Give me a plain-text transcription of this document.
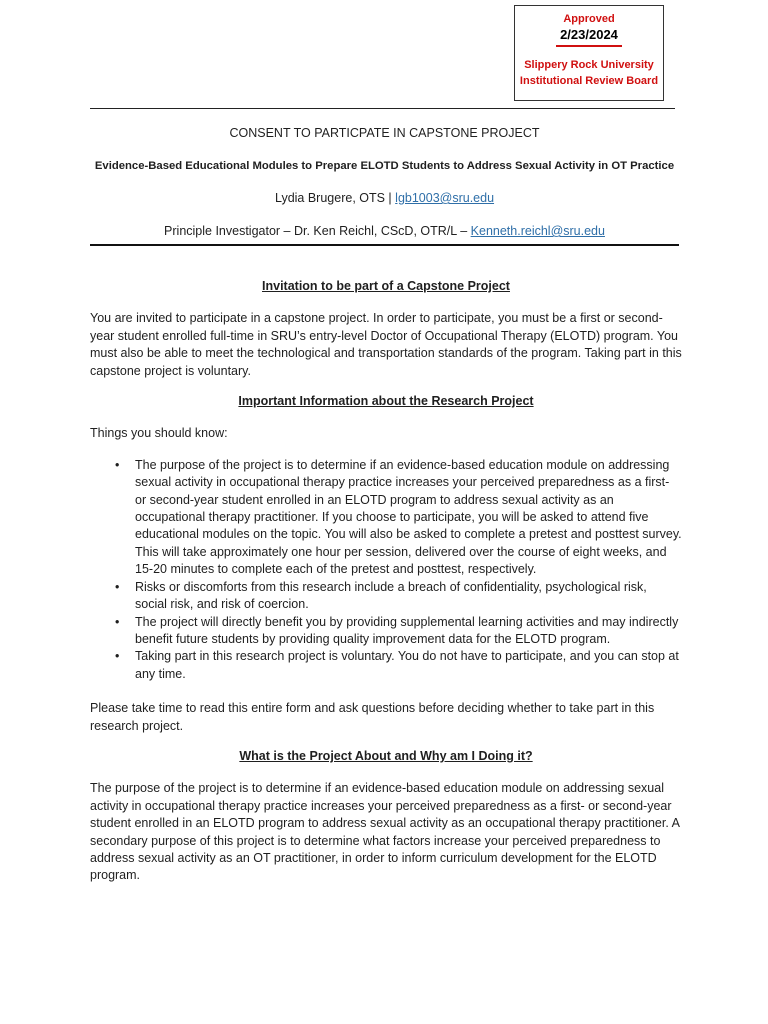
Approved
2/23/2024
Slippery Rock University
Institutional Review Board
CONSENT TO PARTICPATE IN CAPSTONE PROJECT
Evidence-Based Educational Modules to Prepare ELOTD Students to Address Sexual Activity in OT Practice
Lydia Brugere, OTS | lgb1003@sru.edu
Principle Investigator – Dr. Ken Reichl, CScD, OTR/L – Kenneth.reichl@sru.edu

Invitation to be part of a Capstone Project

You are invited to participate in a capstone project. In order to participate, you must be a first or second-year student enrolled full-time in SRU’s entry-level Doctor of Occupational Therapy (ELOTD) program. You must also be able to meet the technological and transportation standards of the program. Taking part in this capstone project is voluntary.

Important Information about the Research Project

Things you should know:

• The purpose of the project is to determine if an evidence-based education module on addressing sexual activity in occupational therapy practice increases your perceived preparedness as a first- or second-year student enrolled in an ELOTD program to address sexual activity as an occupational therapy practitioner. If you choose to participate, you will be asked to attend five educational modules on the topic. You will also be asked to complete a pretest and posttest survey. This will take approximately one hour per session, delivered over the course of eight weeks, and 15-20 minutes to complete each of the pretest and posttest, respectively.
• Risks or discomforts from this research include a breach of confidentiality, psychological risk, social risk, and risk of coercion.
• The project will directly benefit you by providing supplemental learning activities and may indirectly benefit future students by providing quality improvement data for the ELOTD program.
• Taking part in this research project is voluntary. You do not have to participate, and you can stop at any time.

Please take time to read this entire form and ask questions before deciding whether to take part in this research project.

What is the Project About and Why am I Doing it?

The purpose of the project is to determine if an evidence-based education module on addressing sexual activity in occupational therapy practice increases your perceived preparedness as a first- or second-year student enrolled in an ELOTD program to address sexual activity as an occupational therapy practitioner. A secondary purpose of this project is to determine what factors increase your perceived preparedness to address sexual activity as an OT practitioner, in order to inform curriculum development for the ELOTD program.
